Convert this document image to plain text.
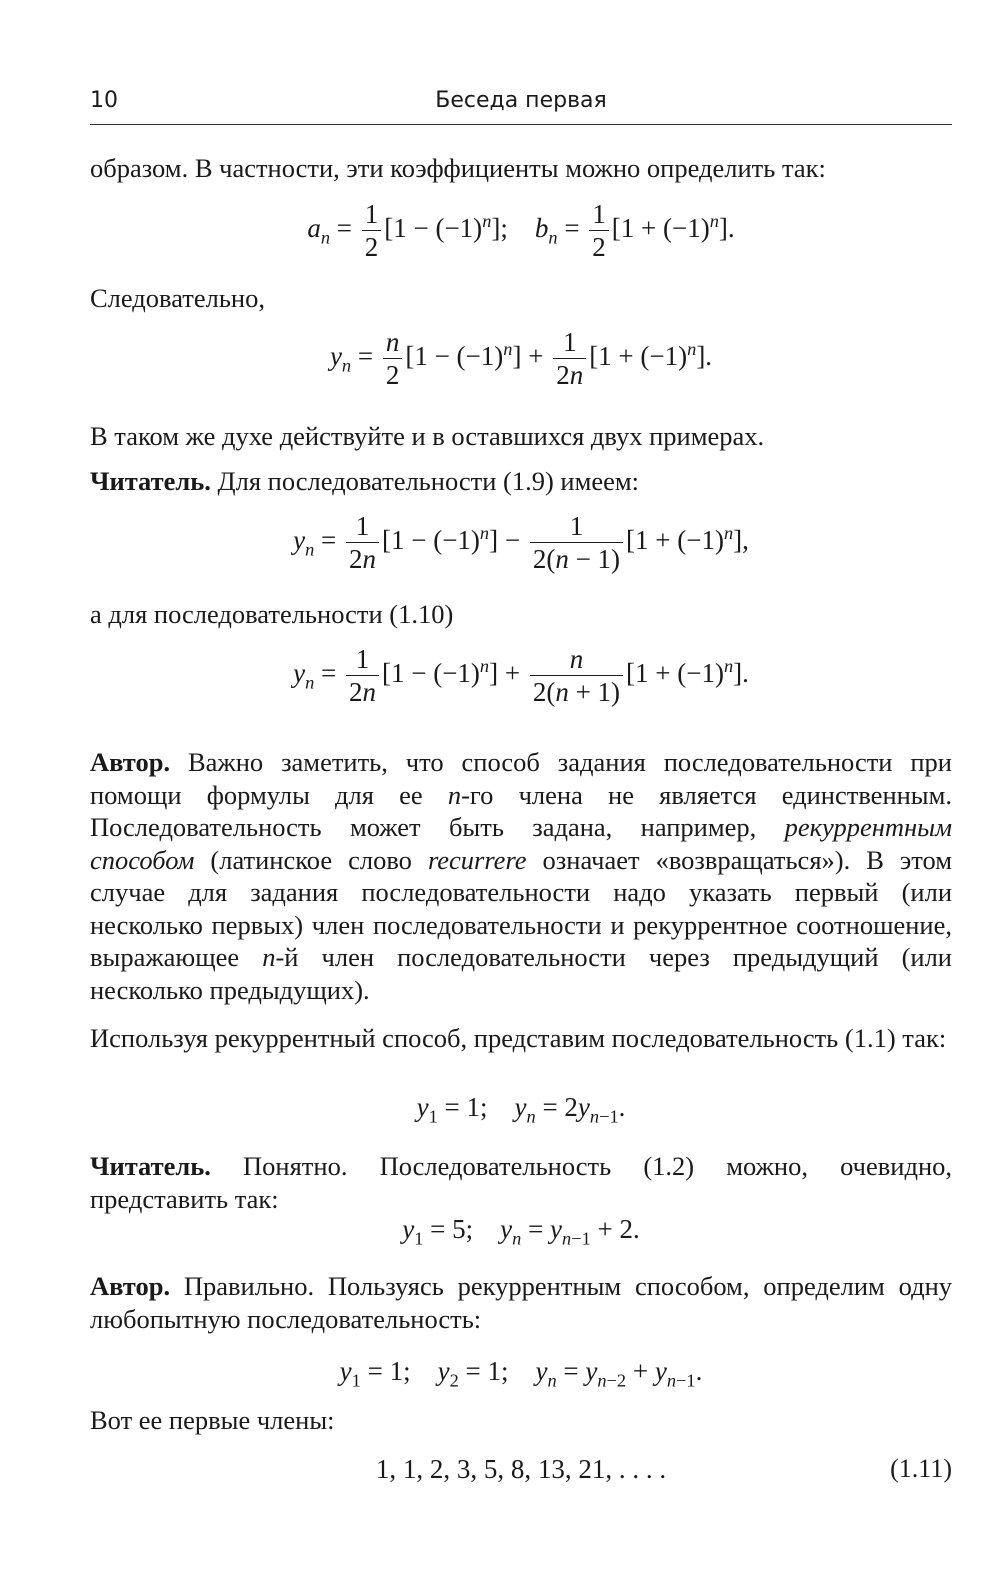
10	Беседа первая
образом. В частности, эти коэффициенты можно определить так:
$a_n = \frac{1}{2} [1 - (-1)^n]$;    $b_n = \frac{1}{2} [1 + (-1)^n]$.
Следовательно,
$y_n = \frac{n}{2} [1 - (-1)^n] + \frac{1}{2n} [1 + (-1)^n]$.
В таком же духе действуйте и в оставшихся двух примерах.
Читатель. Для последовательности (1.9) имеем:
$y_n = \frac{1}{2n} [1 - (-1)^n] - \frac{1}{2(n - 1)} [1 + (-1)^n]$,
а для последовательности (1.10)
$y_n = \frac{1}{2n} [1 - (-1)^n] + \frac{n}{2(n + 1)} [1 + (-1)^n]$.
Автор. Важно заметить, что способ задания последовательности при помощи формулы для ее n-го члена не является единственным. Последовательность может быть задана, например, рекуррентным способом (латинское слово recurrere означает «возвращаться»). В этом случае для задания последовательности надо указать первый (или несколько первых) член последовательности и рекуррентное соотношение, выражающее n-й член последовательности через предыдущий (или несколько предыдущих).
Используя рекуррентный способ, представим последовательность (1.1) так:
$y_1 = 1$;    $y_n = 2y_{n-1}$.
Читатель. Понятно. Последовательность (1.2) можно, очевидно, представить так:
$y_1 = 5$;    $y_n = y_{n-1} + 2$.
Автор. Правильно. Пользуясь рекуррентным способом, определим одну любопытную последовательность:
$y_1 = 1$;    $y_2 = 1$;    $y_n = y_{n-2} + y_{n-1}$.
Вот ее первые члены:
1, 1, 2, 3, 5, 8, 13, 21, . . . .	(1.11)
